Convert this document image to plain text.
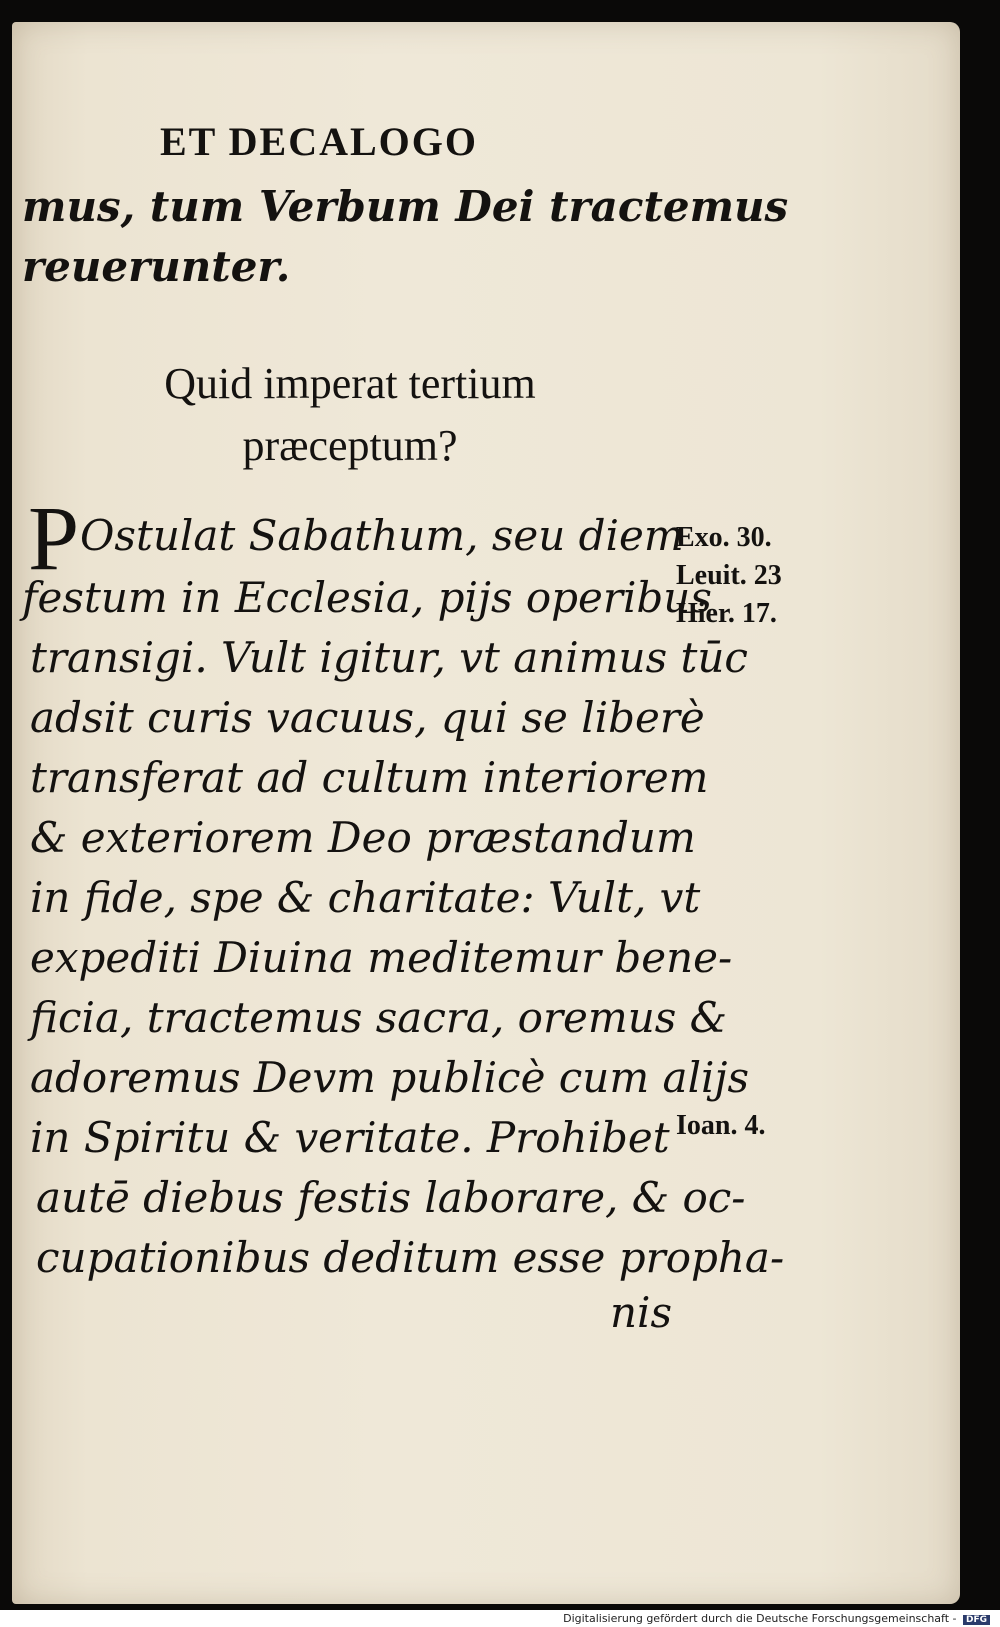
ET DECALOGO
mus, tum Verbum Dei tractemus
reuerunter.
Quid imperat tertium
præceptum?
P Ostulat Sabathum, seu diem
festum in Ecclesia, pijs operibus
transigi. Vult igitur, vt animus tūc
adsit curis vacuus, qui se liberè
transferat ad cultum interiorem
& exteriorem Deo præstandum
in fide, spe & charitate: Vult, vt
expediti Diuina meditemur bene-
ficia, tractemus sacra, oremus &
adoremus Devm publicè cum alijs
in Spiritu & veritate. Prohibet
autē diebus festis laborare, & oc-
cupationibus deditum esse propha-
nis
Exo. 30.
Leuit. 23
Hier. 17.
Ioan. 4.
Digitalisierung gefördert durch die Deutsche Forschungsgemeinschaft - DFG
